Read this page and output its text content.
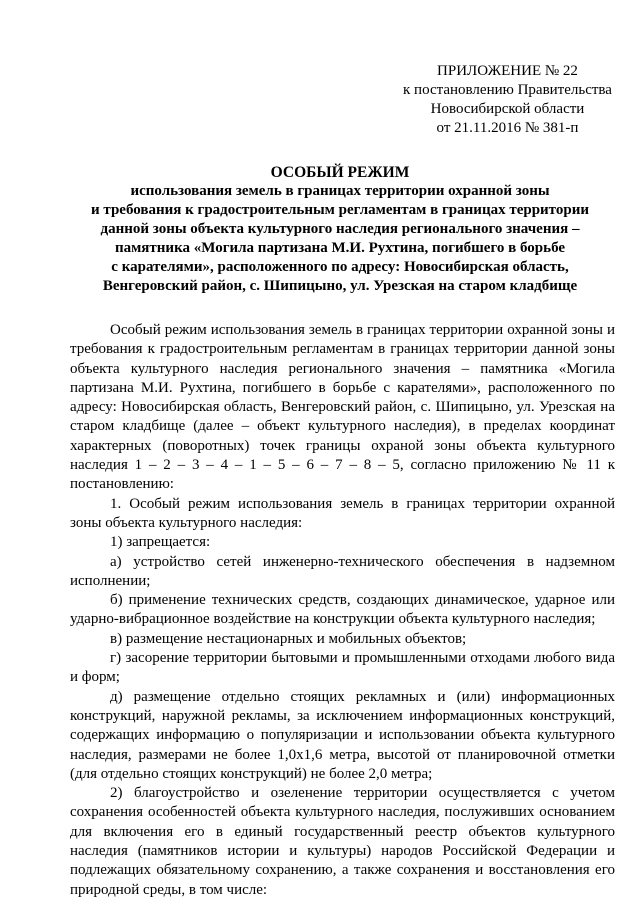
ПРИЛОЖЕНИЕ № 22
к постановлению Правительства
Новосибирской области
от 21.11.2016 № 381-п
ОСОБЫЙ РЕЖИМ
использования земель в границах территории охранной зоны
и требования к градостроительным регламентам в границах территории
данной зоны объекта культурного наследия регионального значения –
памятника «Могила партизана М.И. Рухтина, погибшего в борьбе
с карателями», расположенного по адресу: Новосибирская область,
Венгеровский район, с. Шипицыно, ул. Урезская на старом кладбище

Особый режим использования земель в границах территории охранной зоны и требования к градостроительным регламентам в границах территории данной зоны объекта культурного наследия регионального значения – памятника «Могила партизана М.И. Рухтина, погибшего в борьбе с карателями», расположенного по адресу: Новосибирская область, Венгеровский район, с. Шипицыно, ул. Урезская на старом кладбище (далее – объект культурного наследия), в пределах координат характерных (поворотных) точек границы охраной зоны объекта культурного наследия 1 – 2 – 3 – 4 – 1 – 5 – 6 – 7 – 8 – 5, согласно приложению № 11 к постановлению:

1. Особый режим использования земель в границах территории охранной зоны объекта культурного наследия:

1) запрещается:

а) устройство сетей инженерно-технического обеспечения в надземном исполнении;

б) применение технических средств, создающих динамическое, ударное или ударно-вибрационное воздействие на конструкции объекта культурного наследия;

в) размещение нестационарных и мобильных объектов;

г) засорение территории бытовыми и промышленными отходами любого вида и форм;

д) размещение отдельно стоящих рекламных и (или) информационных конструкций, наружной рекламы, за исключением информационных конструкций, содержащих информацию о популяризации и использовании объекта культурного наследия, размерами не более 1,0х1,6 метра, высотой от планировочной отметки (для отдельно стоящих конструкций) не более 2,0 метра;

2) благоустройство и озеленение территории осуществляется с учетом сохранения особенностей объекта культурного наследия, послуживших основанием для включения его в единый государственный реестр объектов культурного наследия (памятников истории и культуры) народов Российской Федерации и подлежащих обязательному сохранению, а также сохранения и восстановления его природной среды, в том числе:
